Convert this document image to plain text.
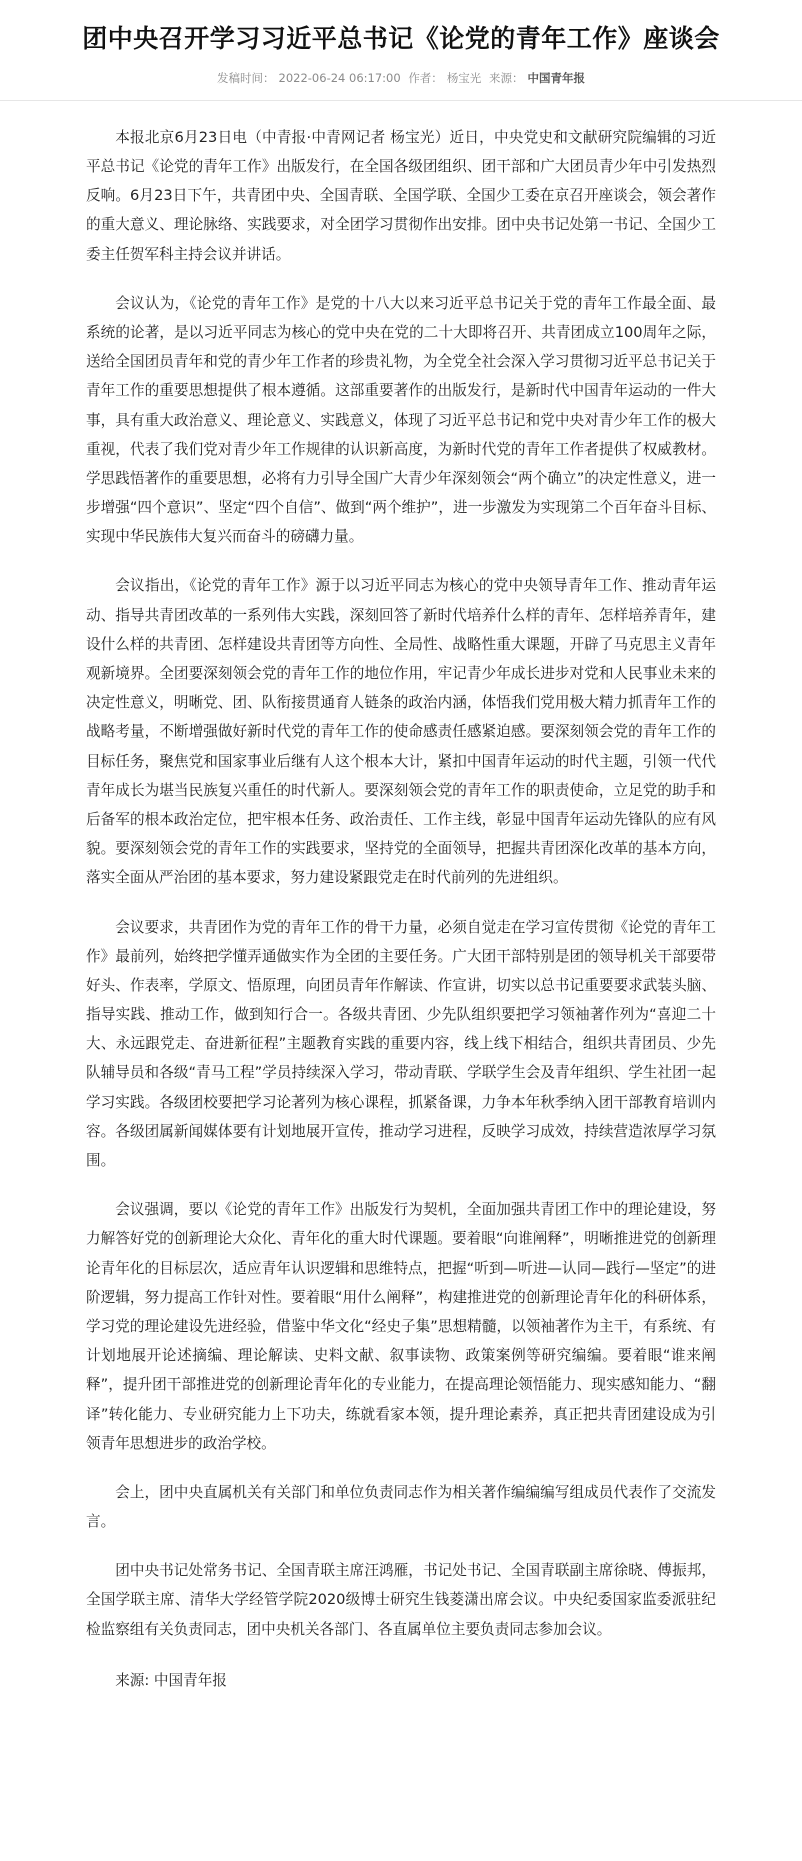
团中央召开学习习近平总书记《论党的青年工作》座谈会
发稿时间： 2022-06-24 06:17:00 作者： 杨宝光 来源： 中国青年报

本报北京6月23日电（中青报·中青网记者 杨宝光）近日，中央党史和文献研究院编辑的习近平总书记《论党的青年工作》出版发行，在全国各级团组织、团干部和广大团员青少年中引发热烈反响。6月23日下午，共青团中央、全国青联、全国学联、全国少工委在京召开座谈会，领会著作的重大意义、理论脉络、实践要求，对全团学习贯彻作出安排。团中央书记处第一书记、全国少工委主任贺军科主持会议并讲话。

会议认为，《论党的青年工作》是党的十八大以来习近平总书记关于党的青年工作最全面、最系统的论著，是以习近平同志为核心的党中央在党的二十大即将召开、共青团成立100周年之际，送给全国团员青年和党的青少年工作者的珍贵礼物，为全党全社会深入学习贯彻习近平总书记关于青年工作的重要思想提供了根本遵循。这部重要著作的出版发行，是新时代中国青年运动的一件大事，具有重大政治意义、理论意义、实践意义，体现了习近平总书记和党中央对青少年工作的极大重视，代表了我们党对青少年工作规律的认识新高度，为新时代党的青年工作者提供了权威教材。学思践悟著作的重要思想，必将有力引导全国广大青少年深刻领会“两个确立”的决定性意义，进一步增强“四个意识”、坚定“四个自信”、做到“两个维护”，进一步激发为实现第二个百年奋斗目标、实现中华民族伟大复兴而奋斗的磅礴力量。

会议指出，《论党的青年工作》源于以习近平同志为核心的党中央领导青年工作、推动青年运动、指导共青团改革的一系列伟大实践，深刻回答了新时代培养什么样的青年、怎样培养青年，建设什么样的共青团、怎样建设共青团等方向性、全局性、战略性重大课题，开辟了马克思主义青年观新境界。全团要深刻领会党的青年工作的地位作用，牢记青少年成长进步对党和人民事业未来的决定性意义，明晰党、团、队衔接贯通育人链条的政治内涵，体悟我们党用极大精力抓青年工作的战略考量，不断增强做好新时代党的青年工作的使命感责任感紧迫感。要深刻领会党的青年工作的目标任务，聚焦党和国家事业后继有人这个根本大计，紧扣中国青年运动的时代主题，引领一代代青年成长为堪当民族复兴重任的时代新人。要深刻领会党的青年工作的职责使命，立足党的助手和后备军的根本政治定位，把牢根本任务、政治责任、工作主线，彰显中国青年运动先锋队的应有风貌。要深刻领会党的青年工作的实践要求，坚持党的全面领导，把握共青团深化改革的基本方向，落实全面从严治团的基本要求，努力建设紧跟党走在时代前列的先进组织。

会议要求，共青团作为党的青年工作的骨干力量，必须自觉走在学习宣传贯彻《论党的青年工作》最前列，始终把学懂弄通做实作为全团的主要任务。广大团干部特别是团的领导机关干部要带好头、作表率，学原文、悟原理，向团员青年作解读、作宣讲，切实以总书记重要要求武装头脑、指导实践、推动工作，做到知行合一。各级共青团、少先队组织要把学习领袖著作列为“喜迎二十大、永远跟党走、奋进新征程”主题教育实践的重要内容，线上线下相结合，组织共青团员、少先队辅导员和各级“青马工程”学员持续深入学习，带动青联、学联学生会及青年组织、学生社团一起学习实践。各级团校要把学习论著列为核心课程，抓紧备课，力争本年秋季纳入团干部教育培训内容。各级团属新闻媒体要有计划地展开宣传，推动学习进程，反映学习成效，持续营造浓厚学习氛围。

会议强调，要以《论党的青年工作》出版发行为契机，全面加强共青团工作中的理论建设，努力解答好党的创新理论大众化、青年化的重大时代课题。要着眼“向谁阐释”，明晰推进党的创新理论青年化的目标层次，适应青年认识逻辑和思维特点，把握“听到—听进—认同—践行—坚定”的进阶逻辑，努力提高工作针对性。要着眼“用什么阐释”，构建推进党的创新理论青年化的科研体系，学习党的理论建设先进经验，借鉴中华文化“经史子集”思想精髓，以领袖著作为主干，有系统、有计划地展开论述摘编、理论解读、史料文献、叙事读物、政策案例等研究编编。要着眼“谁来阐释”，提升团干部推进党的创新理论青年化的专业能力，在提高理论领悟能力、现实感知能力、“翻译”转化能力、专业研究能力上下功夫，练就看家本领，提升理论素养，真正把共青团建设成为引领青年思想进步的政治学校。

会上，团中央直属机关有关部门和单位负责同志作为相关著作编编编写组成员代表作了交流发言。

团中央书记处常务书记、全国青联主席汪鸿雁，书记处书记、全国青联副主席徐晓、傅振邦，全国学联主席、清华大学经管学院2020级博士研究生钱菱潇出席会议。中央纪委国家监委派驻纪检监察组有关负责同志，团中央机关各部门、各直属单位主要负责同志参加会议。

来源: 中国青年报
